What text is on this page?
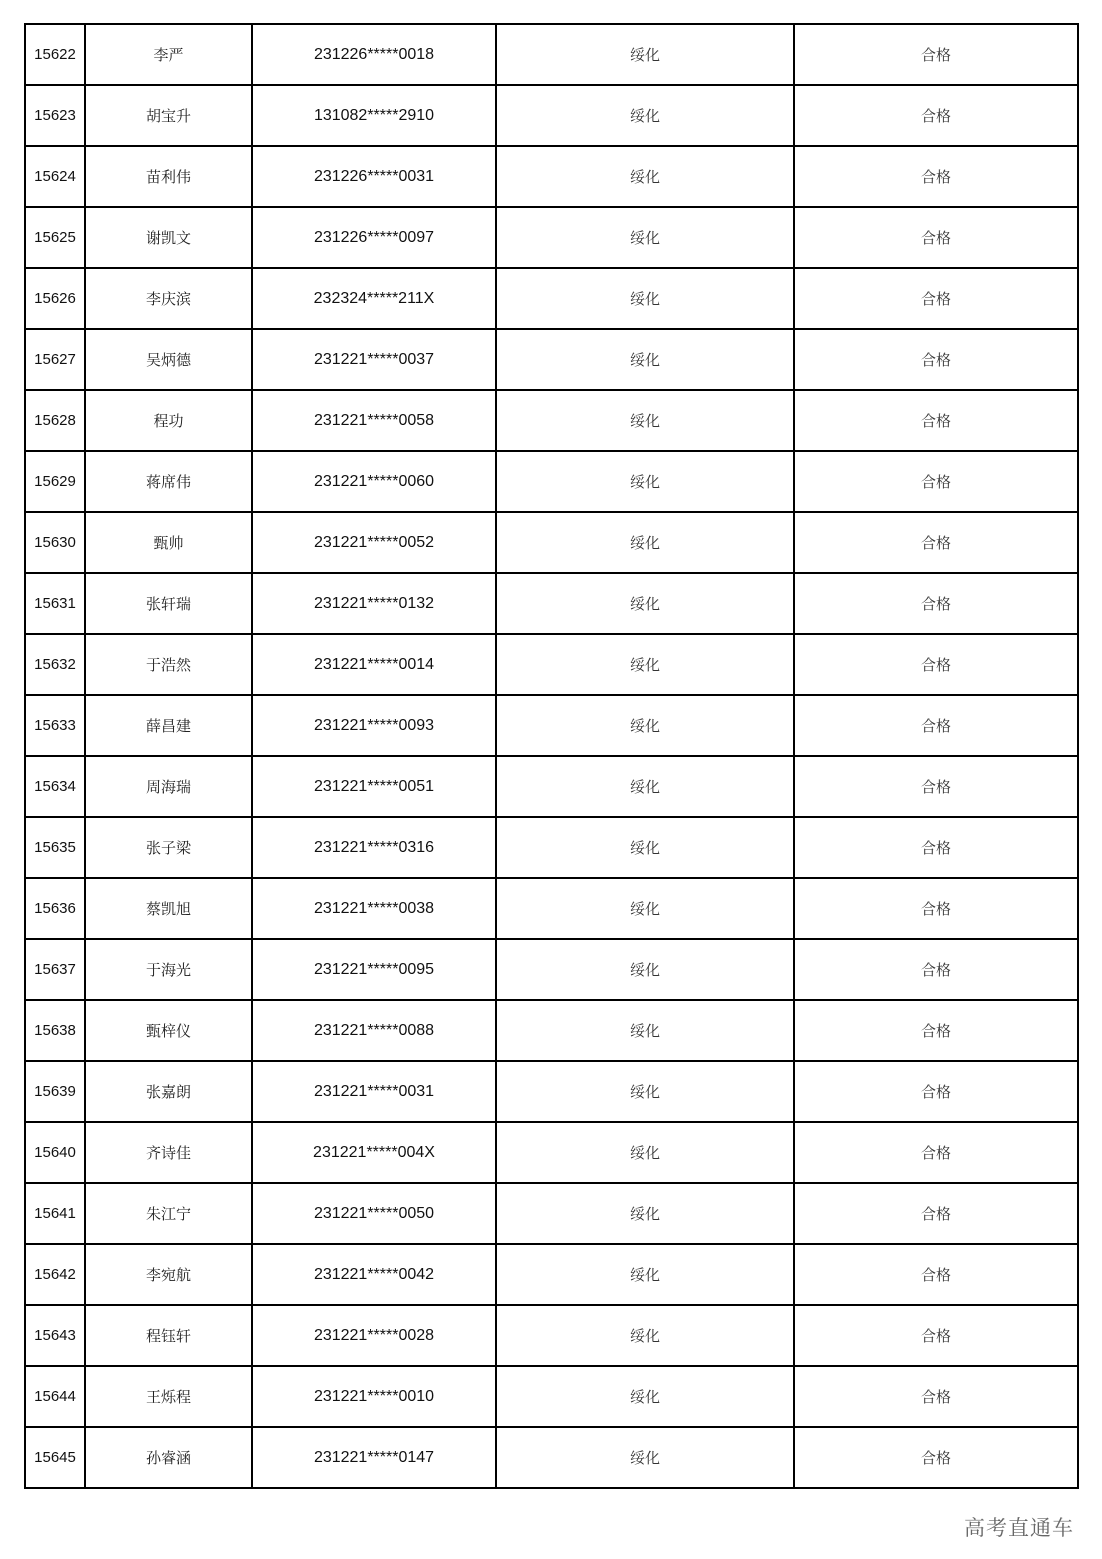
15622	李严	231226*****0018	绥化	合格
15623	胡宝升	131082*****2910	绥化	合格
15624	苗利伟	231226*****0031	绥化	合格
15625	谢凯文	231226*****0097	绥化	合格
15626	李庆滨	232324*****211X	绥化	合格
15627	吴炳德	231221*****0037	绥化	合格
15628	程功	231221*****0058	绥化	合格
15629	蒋席伟	231221*****0060	绥化	合格
15630	甄帅	231221*****0052	绥化	合格
15631	张轩瑞	231221*****0132	绥化	合格
15632	于浩然	231221*****0014	绥化	合格
15633	薛昌建	231221*****0093	绥化	合格
15634	周海瑞	231221*****0051	绥化	合格
15635	张子梁	231221*****0316	绥化	合格
15636	蔡凯旭	231221*****0038	绥化	合格
15637	于海光	231221*****0095	绥化	合格
15638	甄梓仪	231221*****0088	绥化	合格
15639	张嘉朗	231221*****0031	绥化	合格
15640	齐诗佳	231221*****004X	绥化	合格
15641	朱江宁	231221*****0050	绥化	合格
15642	李宛航	231221*****0042	绥化	合格
15643	程钰轩	231221*****0028	绥化	合格
15644	王烁程	231221*****0010	绥化	合格
15645	孙睿涵	231221*****0147	绥化	合格
高考直通车
